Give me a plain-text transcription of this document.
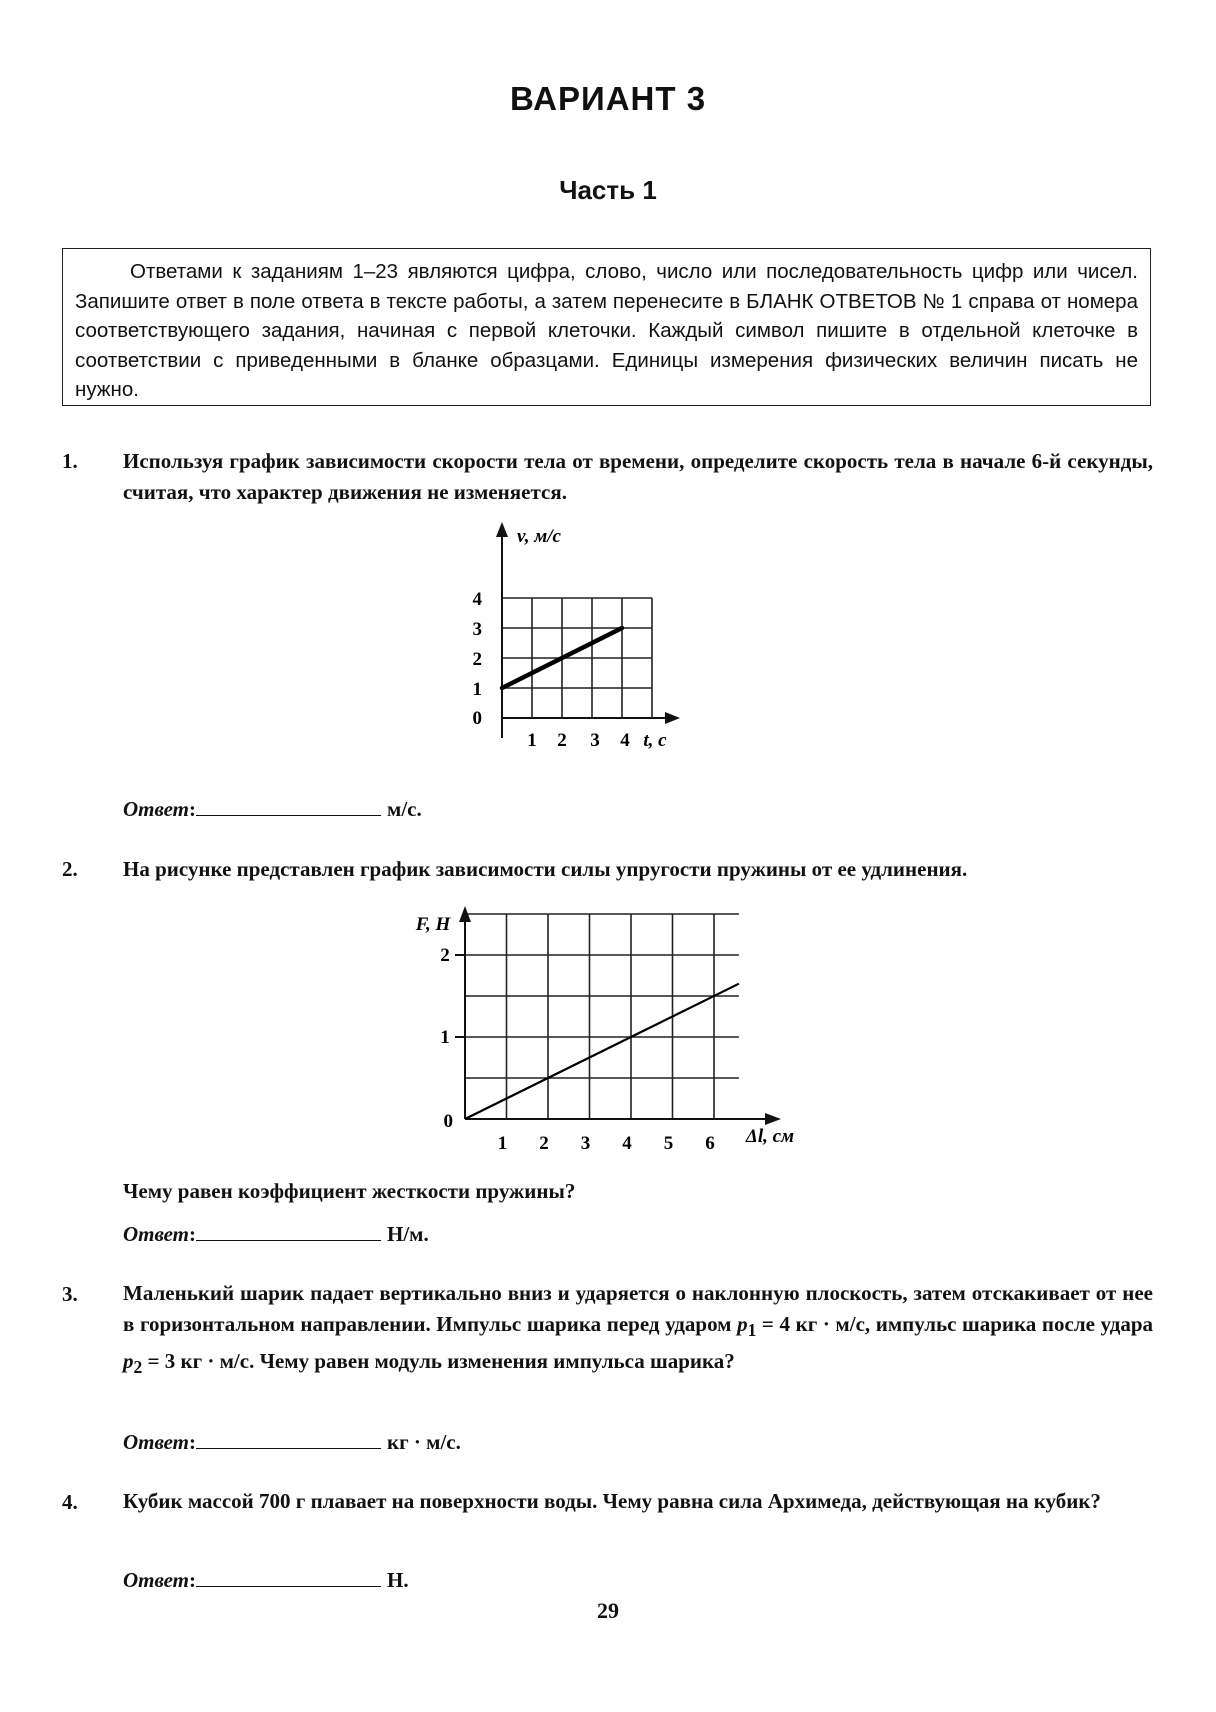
ВАРИАНТ 3
Часть 1

Ответами к заданиям 1–23 являются цифра, слово, число или последовательность цифр или чисел. Запишите ответ в поле ответа в тексте работы, а затем перенесите в БЛАНК ОТВЕТОВ № 1 справа от номера соответствующего задания, начиная с первой клеточки. Каждый символ пишите в отдельной клеточке в соответствии с приведенными в бланке образцами. Единицы измерения физических величин писать не нужно.

1. Используя график зависимости скорости тела от времени, определите скорость тела в начале 6-й секунды, считая, что характер движения не изменяется.
1 2 3 4
1
2
3
4
0
v, м/с
t, с
Ответ:	м/с.
2. На рисунке представлен график зависимости силы упругости пружины от ее удлинения.
1 2 3 4 5 6
1
2
0
F, Н
Δl, см
Чему равен коэффициент жесткости пружины?
Ответ:	Н/м.
3. Маленький шарик падает вертикально вниз и ударяется о наклонную плоскость, затем отскакивает от нее в горизонтальном направлении. Импульс шарика перед ударом $p_1 = 4$ кг · м/с, импульс шарика после удара $p_2 = 3$ кг · м/с. Чему равен модуль изменения импульса шарика?
Ответ:	кг · м/с.
4. Кубик массой 700 г плавает на поверхности воды. Чему равна сила Архимеда, действующая на кубик?
Ответ:	Н.
29
